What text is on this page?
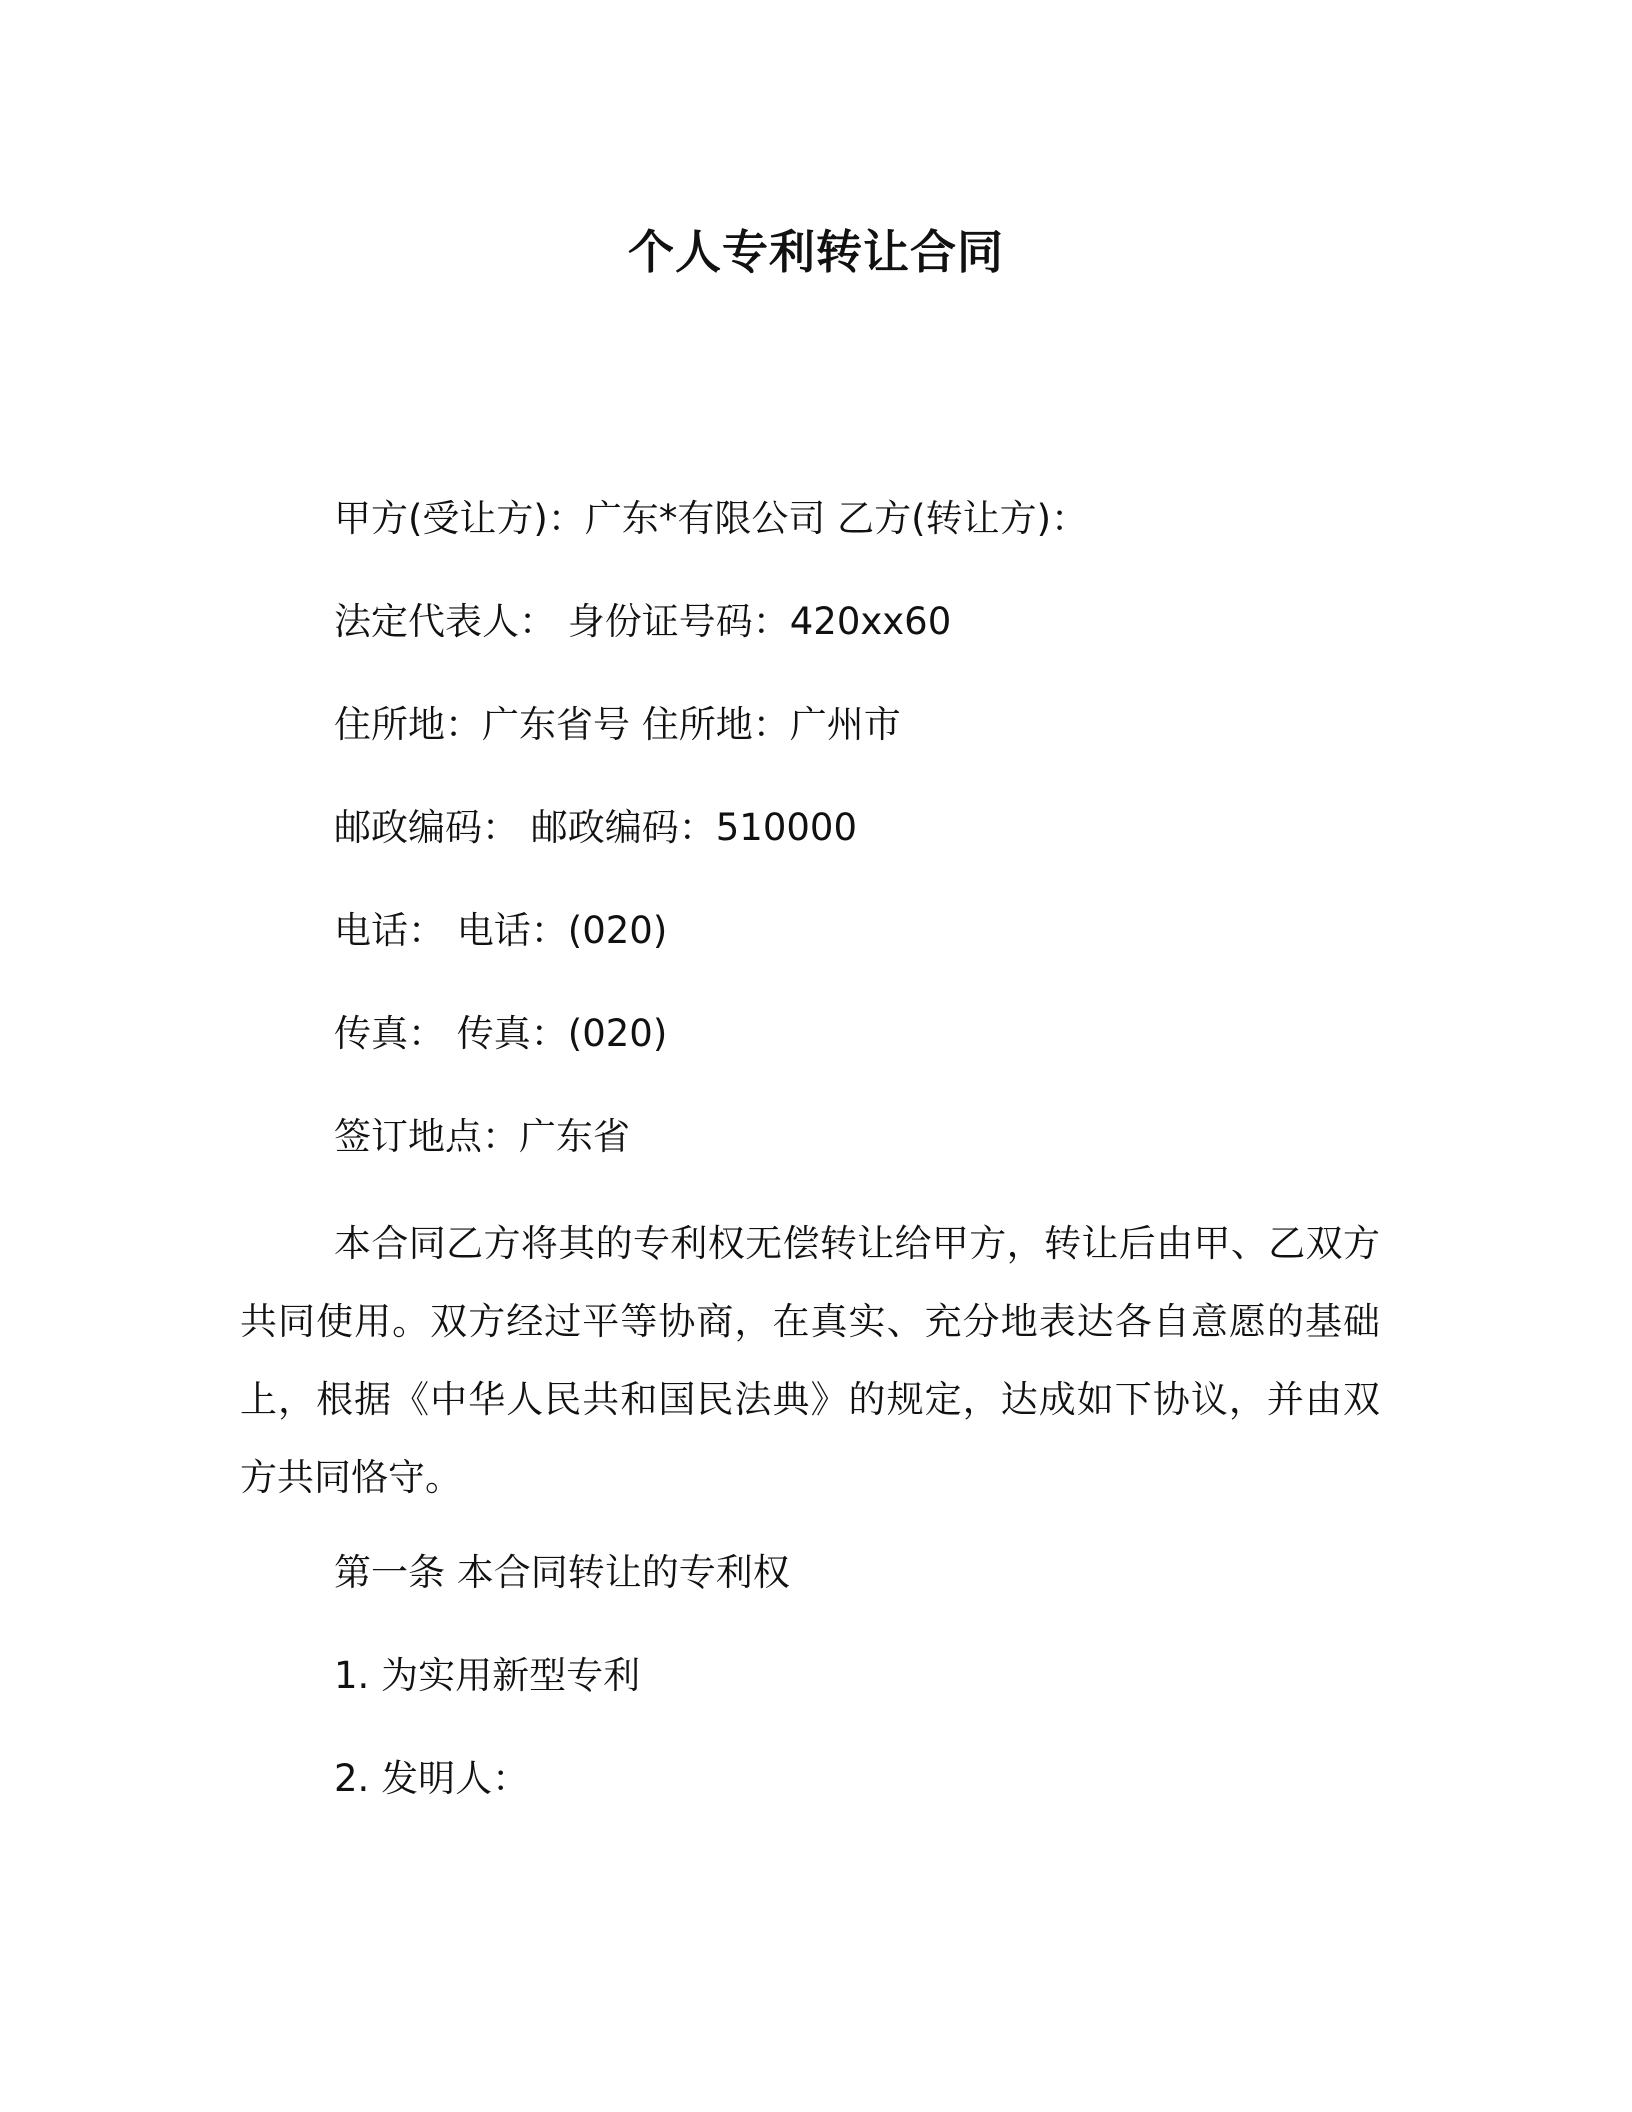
个人专利转让合同
甲方(受让方)：广东*有限公司 乙方(转让方)：
法定代表人： 身份证号码：420xx60
住所地：广东省号 住所地：广州市
邮政编码： 邮政编码：510000
电话： 电话：(020)
传真： 传真：(020)
签订地点：广东省
本合同乙方将其的专利权无偿转让给甲方，转让后由甲、乙双方共同使用。双方经过平等协商，在真实、充分地表达各自意愿的基础上，根据《中华人民共和国民法典》的规定，达成如下协议，并由双方共同恪守。
第一条 本合同转让的专利权
1. 为实用新型专利
2. 发明人：
